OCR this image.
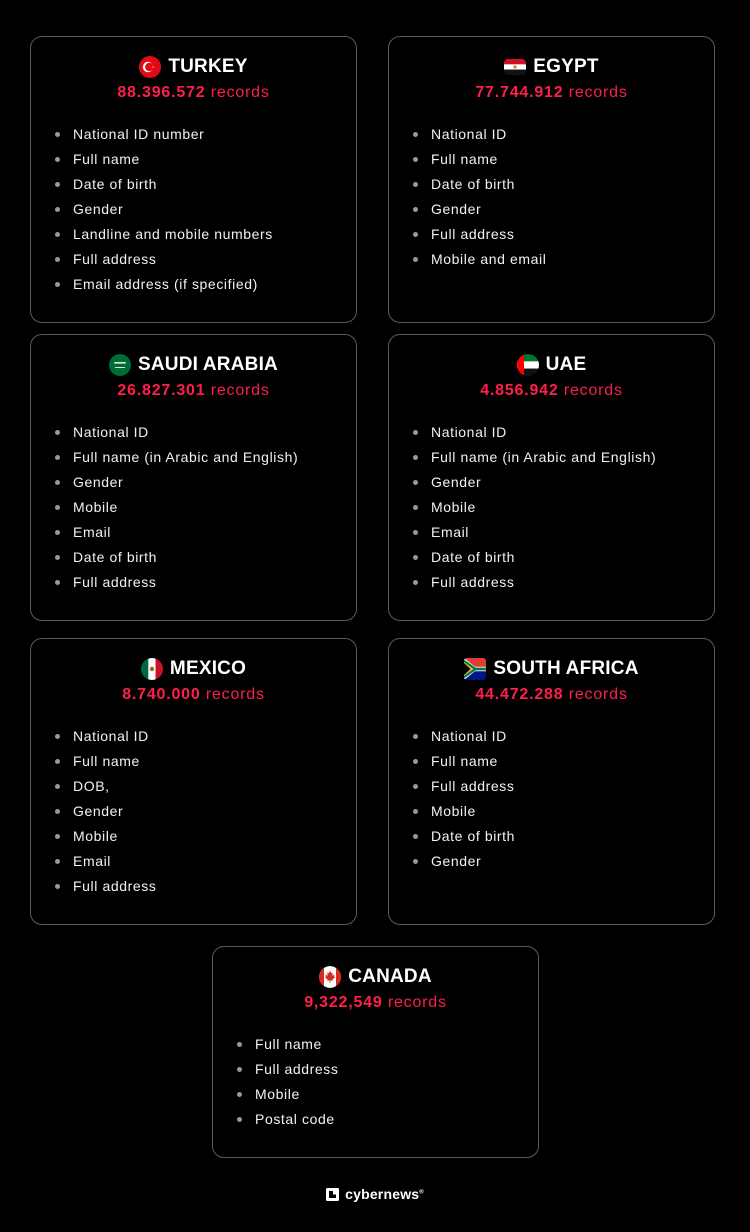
TURKEY
88.396.572 records
National ID number
Full name
Date of birth
Gender
Landline and mobile numbers
Full address
Email address (if specified)
EGYPT
77.744.912 records
National ID
Full name
Date of birth
Gender
Full address
Mobile and email
SAUDI ARABIA
26.827.301 records
National ID
Full name (in Arabic and English)
Gender
Mobile
Email
Date of birth
Full address
UAE
4.856.942 records
National ID
Full name (in Arabic and English)
Gender
Mobile
Email
Date of birth
Full address
MEXICO
8.740.000 records
National ID
Full name
DOB,
Gender
Mobile
Email
Full address
SOUTH AFRICA
44.472.288 records
National ID
Full name
Full address
Mobile
Date of birth
Gender
CANADA
9,322,549 records
Full name
Full address
Mobile
Postal code
cybernews®
